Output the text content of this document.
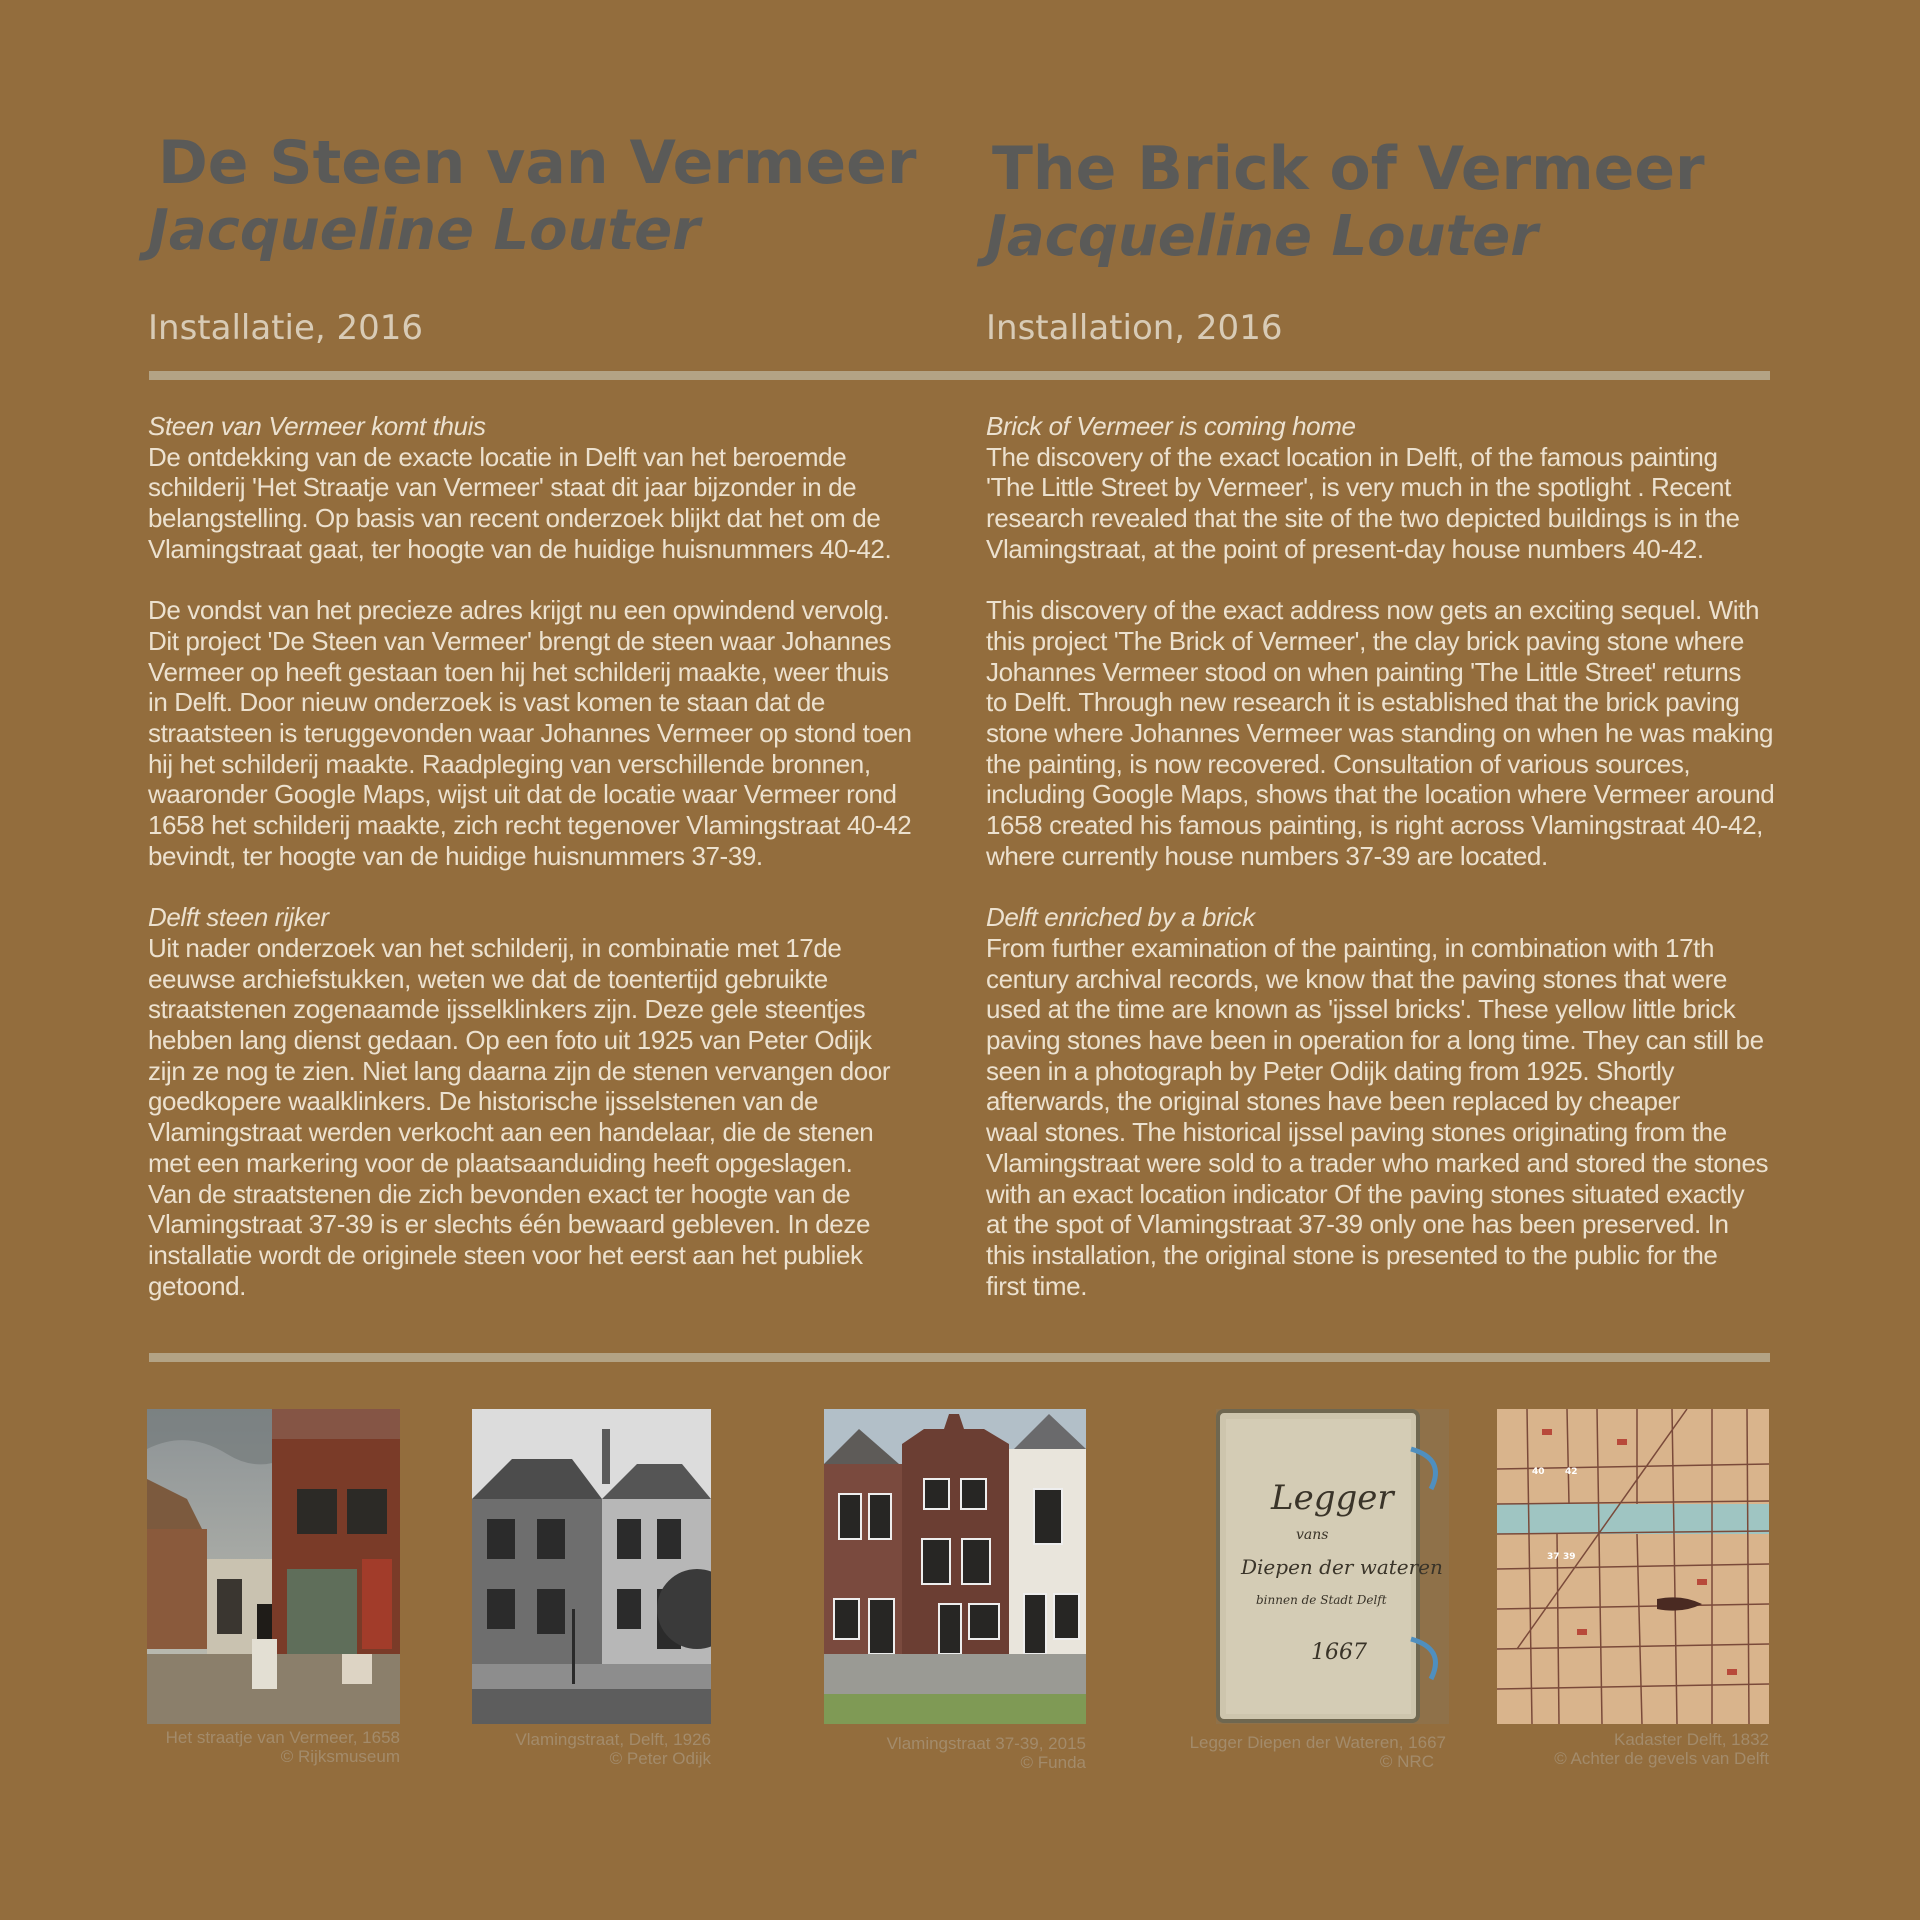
De Steen van Vermeer
Jacqueline Louter
Installatie, 2016
Steen van Vermeer komt thuis
De ontdekking van de exacte locatie in Delft van het beroemde
schilderij 'Het Straatje van Vermeer' staat dit jaar bijzonder in de
belangstelling. Op basis van recent onderzoek blijkt dat het om de
Vlamingstraat gaat, ter hoogte van de huidige huisnummers 40-42.
De vondst van het precieze adres krijgt nu een opwindend vervolg.
Dit project 'De Steen van Vermeer' brengt de steen waar Johannes
Vermeer op heeft gestaan toen hij het schilderij maakte, weer thuis
in Delft. Door nieuw onderzoek is vast komen te staan dat de
straatsteen is teruggevonden waar Johannes Vermeer op stond toen
hij het schilderij maakte. Raadpleging van verschillende bronnen,
waaronder Google Maps, wijst uit dat de locatie waar Vermeer rond
1658 het schilderij maakte, zich recht tegenover Vlamingstraat 40-42
bevindt, ter hoogte van de huidige huisnummers 37-39.
Delft steen rijker
Uit nader onderzoek van het schilderij, in combinatie met 17de
eeuwse archiefstukken, weten we dat de toentertijd gebruikte
straatstenen zogenaamde ijsselklinkers zijn. Deze gele steentjes
hebben lang dienst gedaan. Op een foto uit 1925 van Peter Odijk
zijn ze nog te zien. Niet lang daarna zijn de stenen vervangen door
goedkopere waalklinkers. De historische ijsselstenen van de
Vlamingstraat werden verkocht aan een handelaar, die de stenen
met een markering voor de plaatsaanduiding heeft opgeslagen.
Van de straatstenen die zich bevonden exact ter hoogte van de
Vlamingstraat 37-39 is er slechts één bewaard gebleven. In deze
installatie wordt de originele steen voor het eerst aan het publiek
getoond.
The Brick of Vermeer
Jacqueline Louter
Installation, 2016
Brick of Vermeer is coming home
The discovery of the exact location in Delft, of the famous painting
'The Little Street by Vermeer', is very much in the spotlight . Recent
research revealed that the site of the two depicted buildings is in the
Vlamingstraat, at the point of present-day house numbers 40-42.
This discovery of the exact address now gets an exciting sequel. With
this project 'The Brick of Vermeer', the clay brick paving stone where
Johannes Vermeer stood on when painting 'The Little Street' returns
to Delft. Through new research it is established that the brick paving
stone where Johannes Vermeer was standing on when he was making
the painting, is now recovered. Consultation of various sources,
including Google Maps, shows that the location where Vermeer around
1658 created his famous painting, is right across Vlamingstraat 40-42,
where currently house numbers 37-39 are located.
Delft enriched by a brick
From further examination of the painting, in combination with 17th
century archival records, we know that the paving stones that were
used at the time are known as 'ijssel bricks'. These yellow little brick
paving stones have been in operation for a long time. They can still be
seen in a photograph by Peter Odijk dating from 1925. Shortly
afterwards, the original stones have been replaced by cheaper
waal stones. The historical ijssel paving stones originating from the
Vlamingstraat were sold to a trader who marked and stored the stones
with an exact location indicator Of the paving stones situated exactly
at the spot of Vlamingstraat 37-39 only one has been preserved. In
this installation, the original stone is presented to the public for the
first time.
Legger
vans
Diepen der wateren
binnen de Stadt Delft
1667
40 42
37 39
Het straatje van Vermeer, 1658
© Rijksmuseum
Vlamingstraat, Delft, 1926
© Peter Odijk
Vlamingstraat 37-39, 2015
© Funda
Legger Diepen der Wateren, 1667
© NRC
Kadaster Delft, 1832
© Achter de gevels van Delft
